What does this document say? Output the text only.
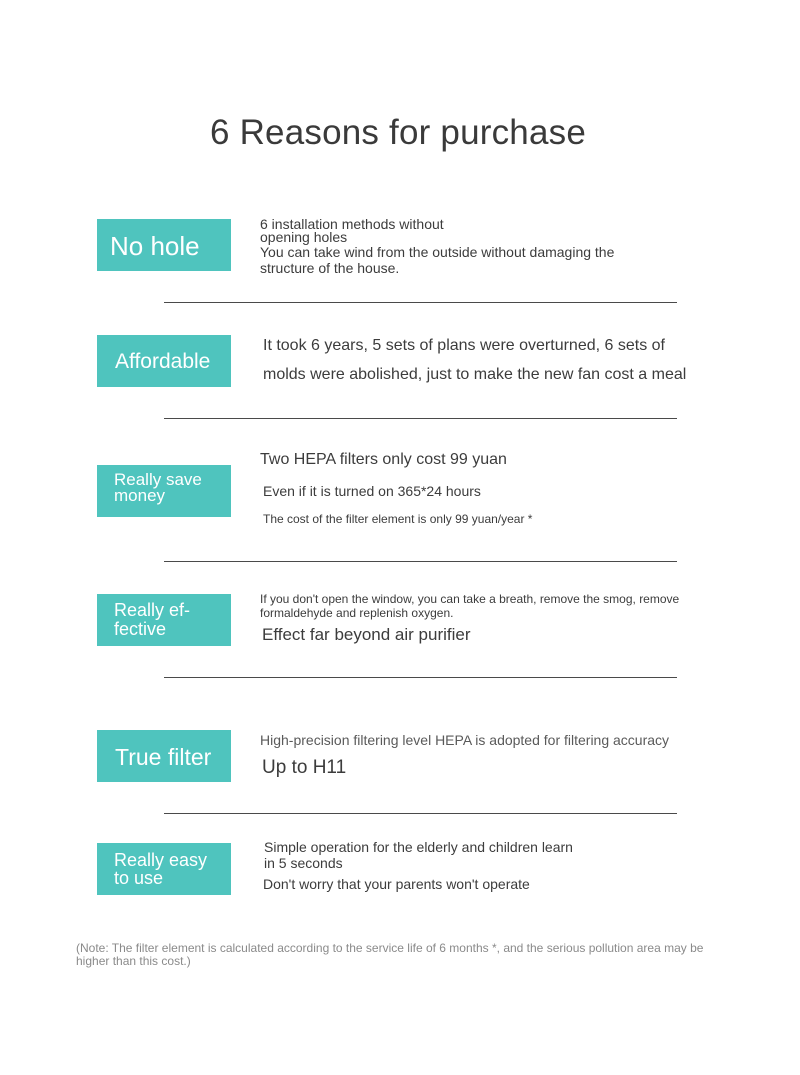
6 Reasons for purchase
No hole
6 installation methods without
opening holes
You can take wind from the outside without damaging the
structure of the house.
Affordable
It took 6 years, 5 sets of plans were overturned, 6 sets of
molds were abolished, just to make the new fan cost a meal
Really save money
Two HEPA filters only cost 99 yuan
Even if it is turned on 365*24 hours
The cost of the filter element is only 99 yuan/year *
Really ef-fective
If you don't open the window, you can take a breath, remove the smog, remove
formaldehyde and replenish oxygen.
Effect far beyond air purifier
True filter
High-precision filtering level HEPA is adopted for filtering accuracy
Up to H11
Really easy to use
Simple operation for the elderly and children learn
in 5 seconds
Don't worry that your parents won't operate
(Note: The filter element is calculated according to the service life of 6 months *, and the serious pollution area may be higher than this cost.)
